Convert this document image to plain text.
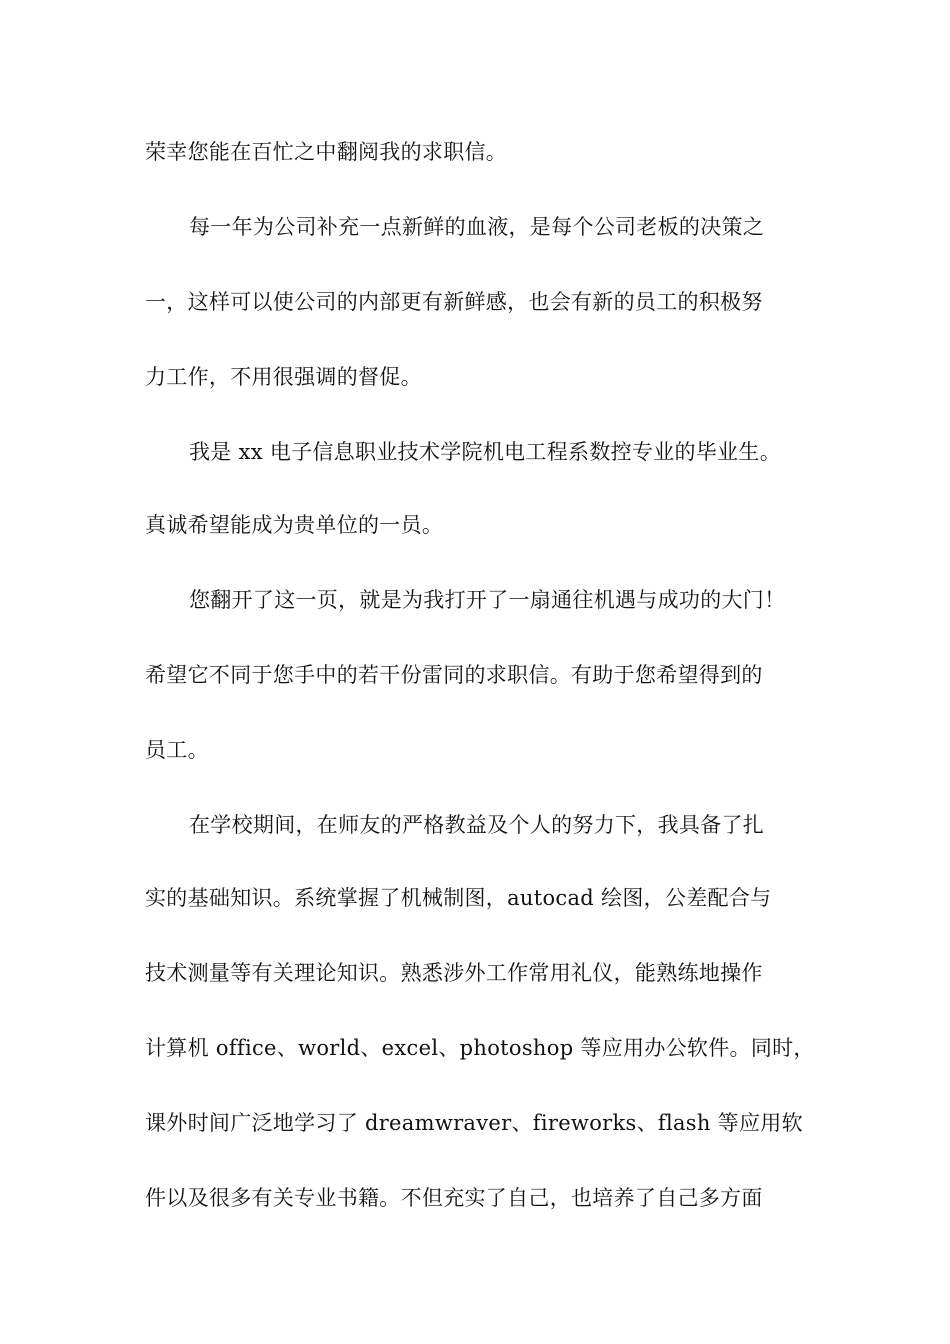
荣幸您能在百忙之中翻阅我的求职信。
每一年为公司补充一点新鲜的血液，是每个公司老板的决策之
一，这样可以使公司的内部更有新鲜感，也会有新的员工的积极努
力工作，不用很强调的督促。
我是 xx 电子信息职业技术学院机电工程系数控专业的毕业生。
真诚希望能成为贵单位的一员。
您翻开了这一页，就是为我打开了一扇通往机遇与成功的大门！
希望它不同于您手中的若干份雷同的求职信。有助于您希望得到的
员工。
在学校期间，在师友的严格教益及个人的努力下，我具备了扎
实的基础知识。系统掌握了机械制图，autocad 绘图，公差配合与
技术测量等有关理论知识。熟悉涉外工作常用礼仪，能熟练地操作
计算机 office、world、excel、photoshop 等应用办公软件。同时，
课外时间广泛地学习了 dreamwraver、fireworks、flash 等应用软
件以及很多有关专业书籍。不但充实了自己，也培养了自己多方面
